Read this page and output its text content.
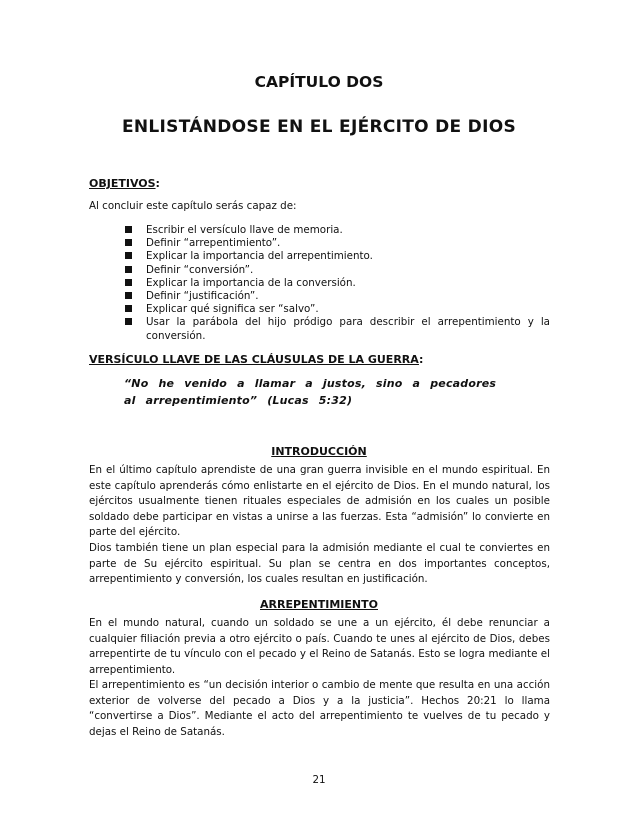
CAPÍTULO DOS
ENLISTÁNDOSE EN EL EJÉRCITO DE DIOS
OBJETIVOS:
Al concluir este capítulo serás capaz de:
Escribir el versículo llave de memoria.
Definir “arrepentimiento”.
Explicar la importancia del arrepentimiento.
Definir “conversión”.
Explicar la importancia de la conversión.
Definir “justificación”.
Explicar qué significa ser “salvo”.
Usar la parábola del hijo pródigo para describir el arrepentimiento y la conversión.
VERSÍCULO LLAVE DE LAS CLÁUSULAS DE LA GUERRA:
“No he venido a llamar a justos, sino a pecadores al arrepentimiento” (Lucas 5:32)
INTRODUCCIÓN
En el último capítulo aprendiste de una gran guerra invisible en el mundo espiritual. En este capítulo aprenderás cómo enlistarte en el ejército de Dios. En el mundo natural, los ejércitos usualmente tienen rituales especiales de admisión en los cuales un posible soldado debe participar en vistas a unirse a las fuerzas. Esta “admisión” lo convierte en parte del ejército.
Dios también tiene un plan especial para la admisión mediante el cual te conviertes en parte de Su ejército espiritual. Su plan se centra en dos importantes conceptos, arrepentimiento y conversión, los cuales resultan en justificación.
ARREPENTIMIENTO
En el mundo natural, cuando un soldado se une a un ejército, él debe renunciar a cualquier filiación previa a otro ejército o país. Cuando te unes al ejército de Dios, debes arrepentirte de tu vínculo con el pecado y el Reino de Satanás. Esto se logra mediante el arrepentimiento.
El arrepentimiento es “un decisión interior o cambio de mente que resulta en una acción exterior de volverse del pecado a Dios y a la justicia”. Hechos 20:21 lo llama “convertirse a Dios”. Mediante el acto del arrepentimiento te vuelves de tu pecado y dejas el Reino de Satanás.
21
